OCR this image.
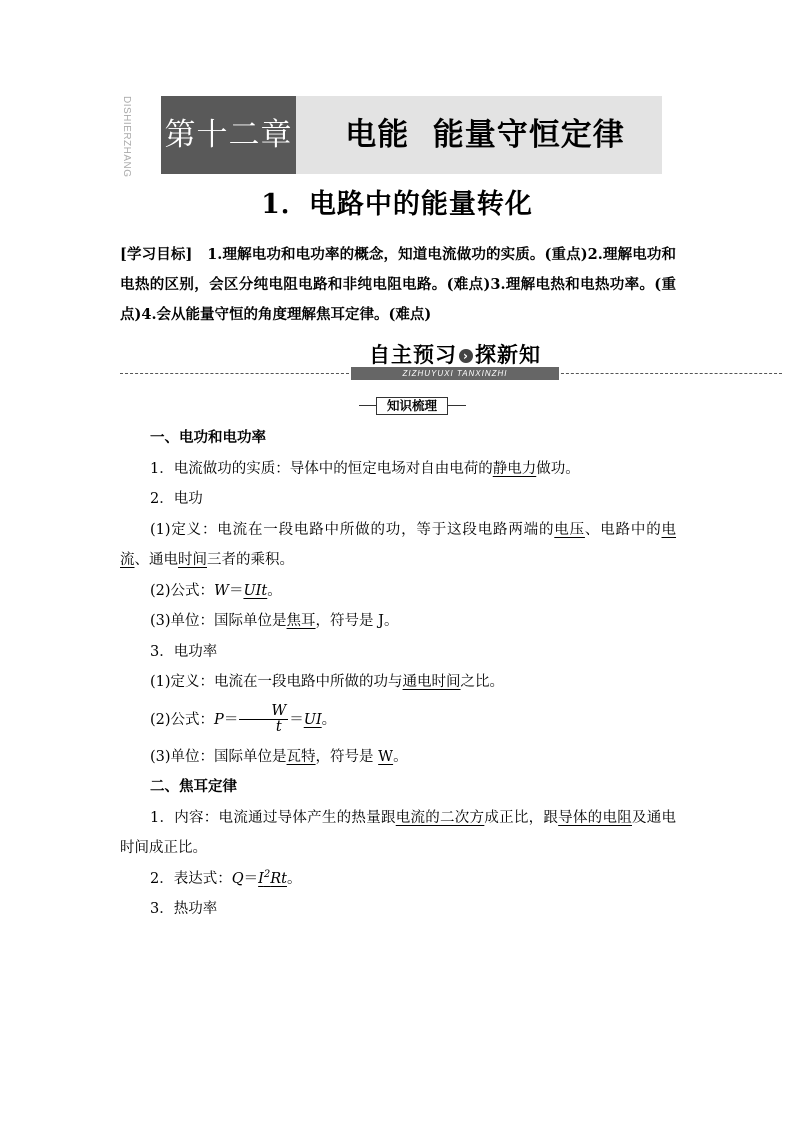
DISHIERZHANG 第十二章	电能  能量守恒定律
1．电路中的能量转化
[学习目标]　1.理解电功和电功率的概念，知道电流做功的实质。(重点)2.理解电功和电热的区别，会区分纯电阻电路和非纯电阻电路。(难点)3.理解电热和电热功率。(重点)4.会从能量守恒的角度理解焦耳定律。(难点)
自主预习 › 探新知
ZIZHUYUXI TANXINZHI
知识梳理

一、电功和电功率

1．电流做功的实质：导体中的恒定电场对自由电荷的静电力做功。

2．电功

(1)定义：电流在一段电路中所做的功，等于这段电路两端的电压、电路中的电流、通电时间三者的乘积。

(2)公式：W＝UIt。

(3)单位：国际单位是焦耳，符号是 J。

3．电功率

(1)定义：电流在一段电路中所做的功与通电时间之比。

(2)公式：$P= \frac{W}{t} =UI$。

(3)单位：国际单位是瓦特，符号是 W。

二、焦耳定律

1．内容：电流通过导体产生的热量跟电流的二次方成正比，跟导体的电阻及通电时间成正比。

2．表达式：$Q=I^2Rt$。

3．热功率
